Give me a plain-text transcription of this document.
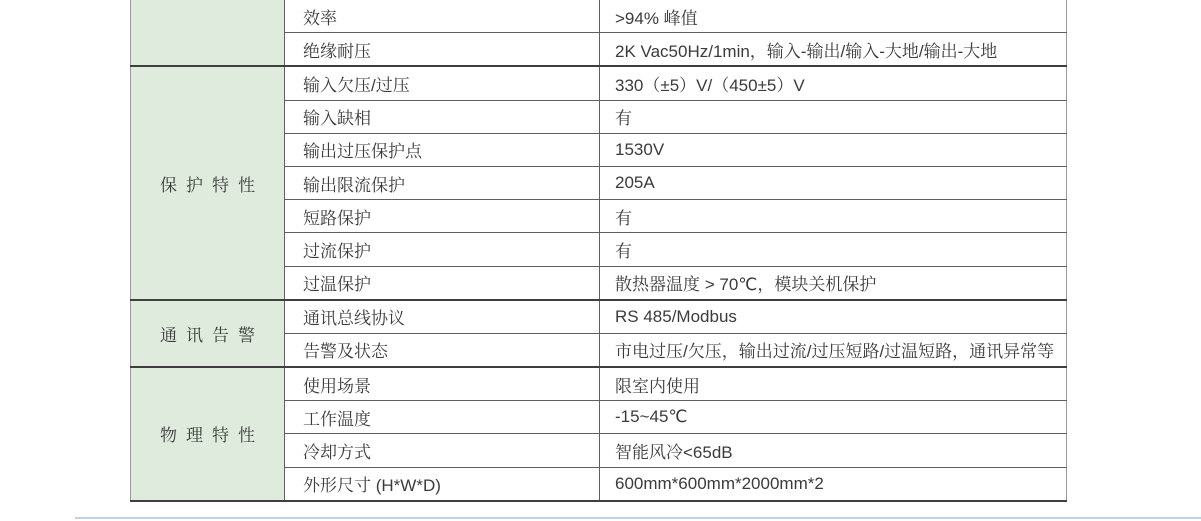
效率	>94% 峰值
绝缘耐压	2K Vac50Hz/1min，输入-输出/输入-大地/输出-大地
保护特性
输入欠压/过压	330（±5）V/（450±5）V
输入缺相	有
输出过压保护点	1530V
输出限流保护	205A
短路保护	有
过流保护	有
过温保护	散热器温度 > 70℃，模块关机保护
通讯告警
通讯总线协议	RS 485/Modbus
告警及状态	市电过压/欠压，输出过流/过压短路/过温短路，通讯异常等
物理特性
使用场景	限室内使用
工作温度	-15~45℃
冷却方式	智能风冷<65dB
外形尺寸 (H*W*D)	600mm*600mm*2000mm*2
